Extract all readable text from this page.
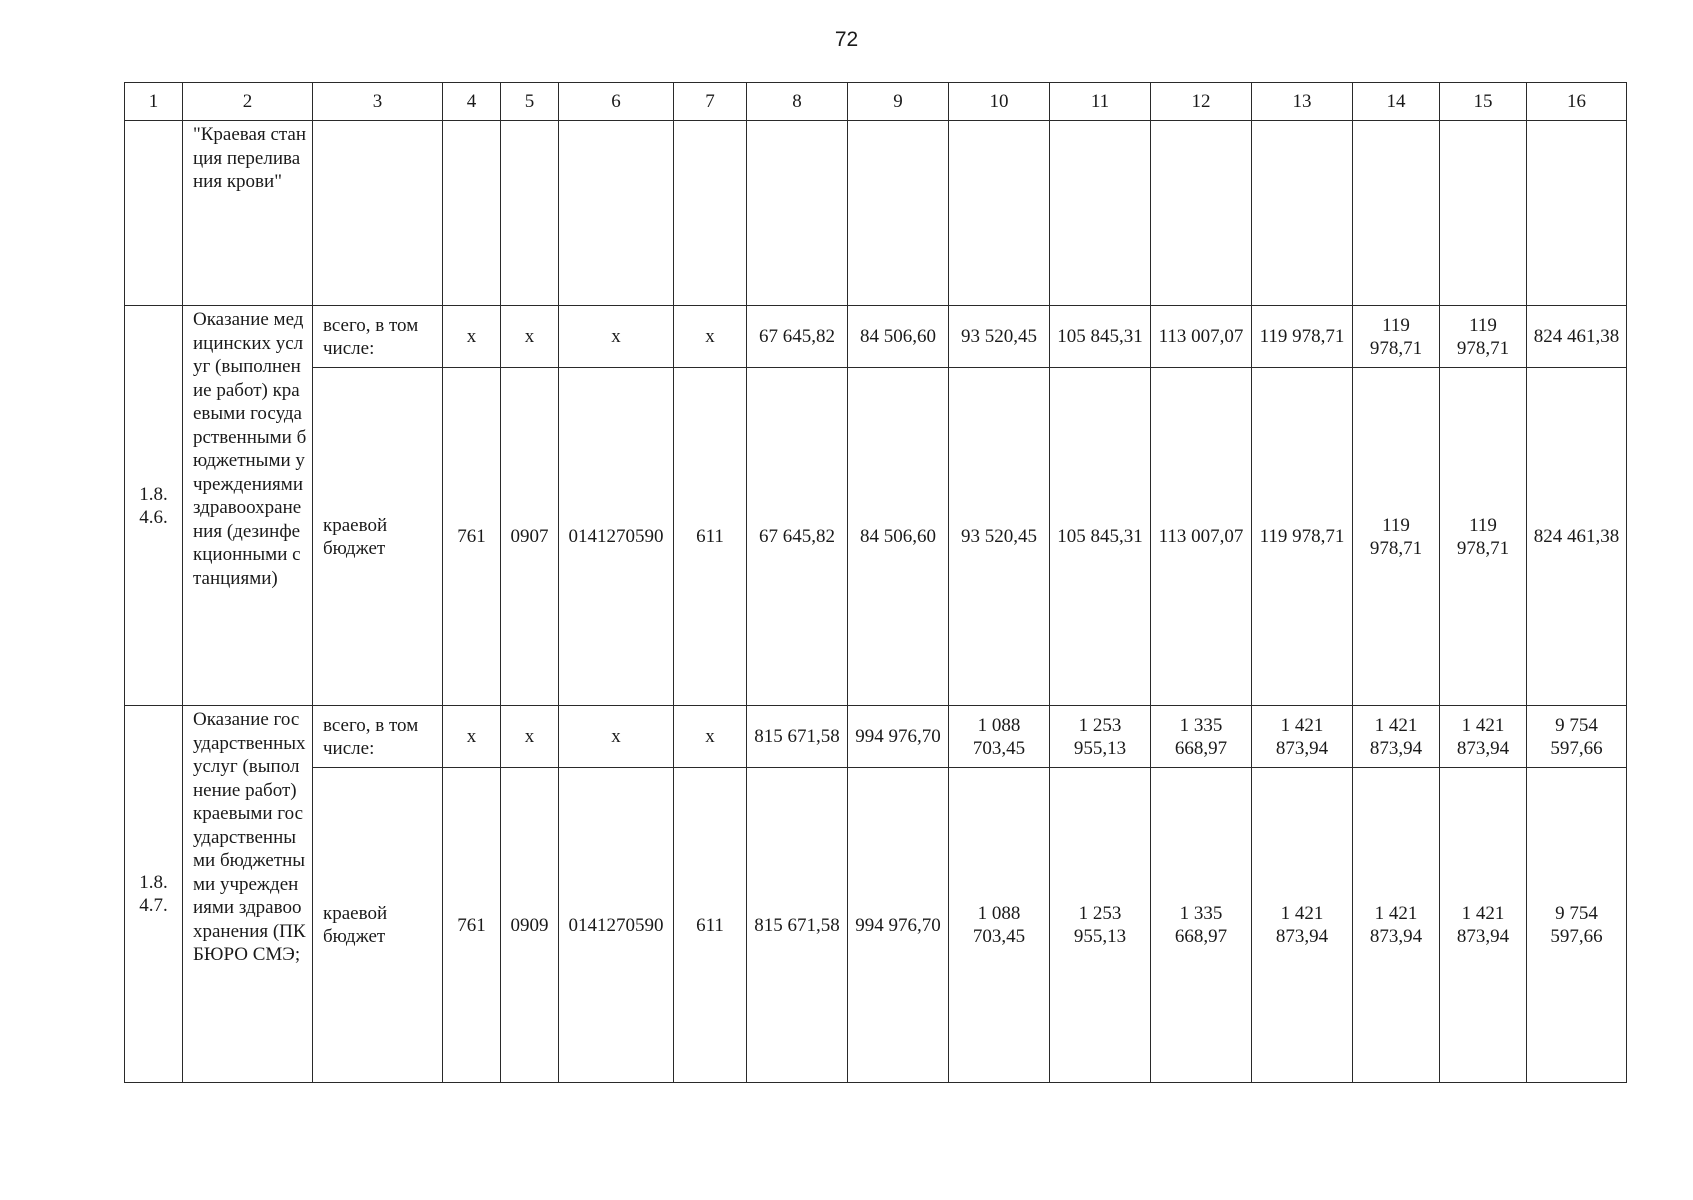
72
1	2	3	4	5	6	7	8	9	10	11	12	13	14	15	16
	"Краевая станция переливания крови"														
1.8. 4.6.	Оказание медицинских услуг (выполнение работ) краевыми государственными бюджетными учреждениями здравоохранения (дезинфекционными станциями)	всего, в том числе:	х	х	х	х	67 645,82	84 506,60	93 520,45	105 845,31	113 007,07	119 978,71	119 978,71	119 978,71	824 461,38
		краевой бюджет	761	0907	0141270590	611	67 645,82	84 506,60	93 520,45	105 845,31	113 007,07	119 978,71	119 978,71	119 978,71	824 461,38
1.8. 4.7.	Оказание государственных услуг (выполнение работ) краевыми государственными бюджетными учреждениями здравоохранения (ПК БЮРО СМЭ;	всего, в том числе:	х	х	х	х	815 671,58	994 976,70	1 088 703,45	1 253 955,13	1 335 668,97	1 421 873,94	1 421 873,94	1 421 873,94	9 754 597,66
		краевой бюджет	761	0909	0141270590	611	815 671,58	994 976,70	1 088 703,45	1 253 955,13	1 335 668,97	1 421 873,94	1 421 873,94	1 421 873,94	9 754 597,66
